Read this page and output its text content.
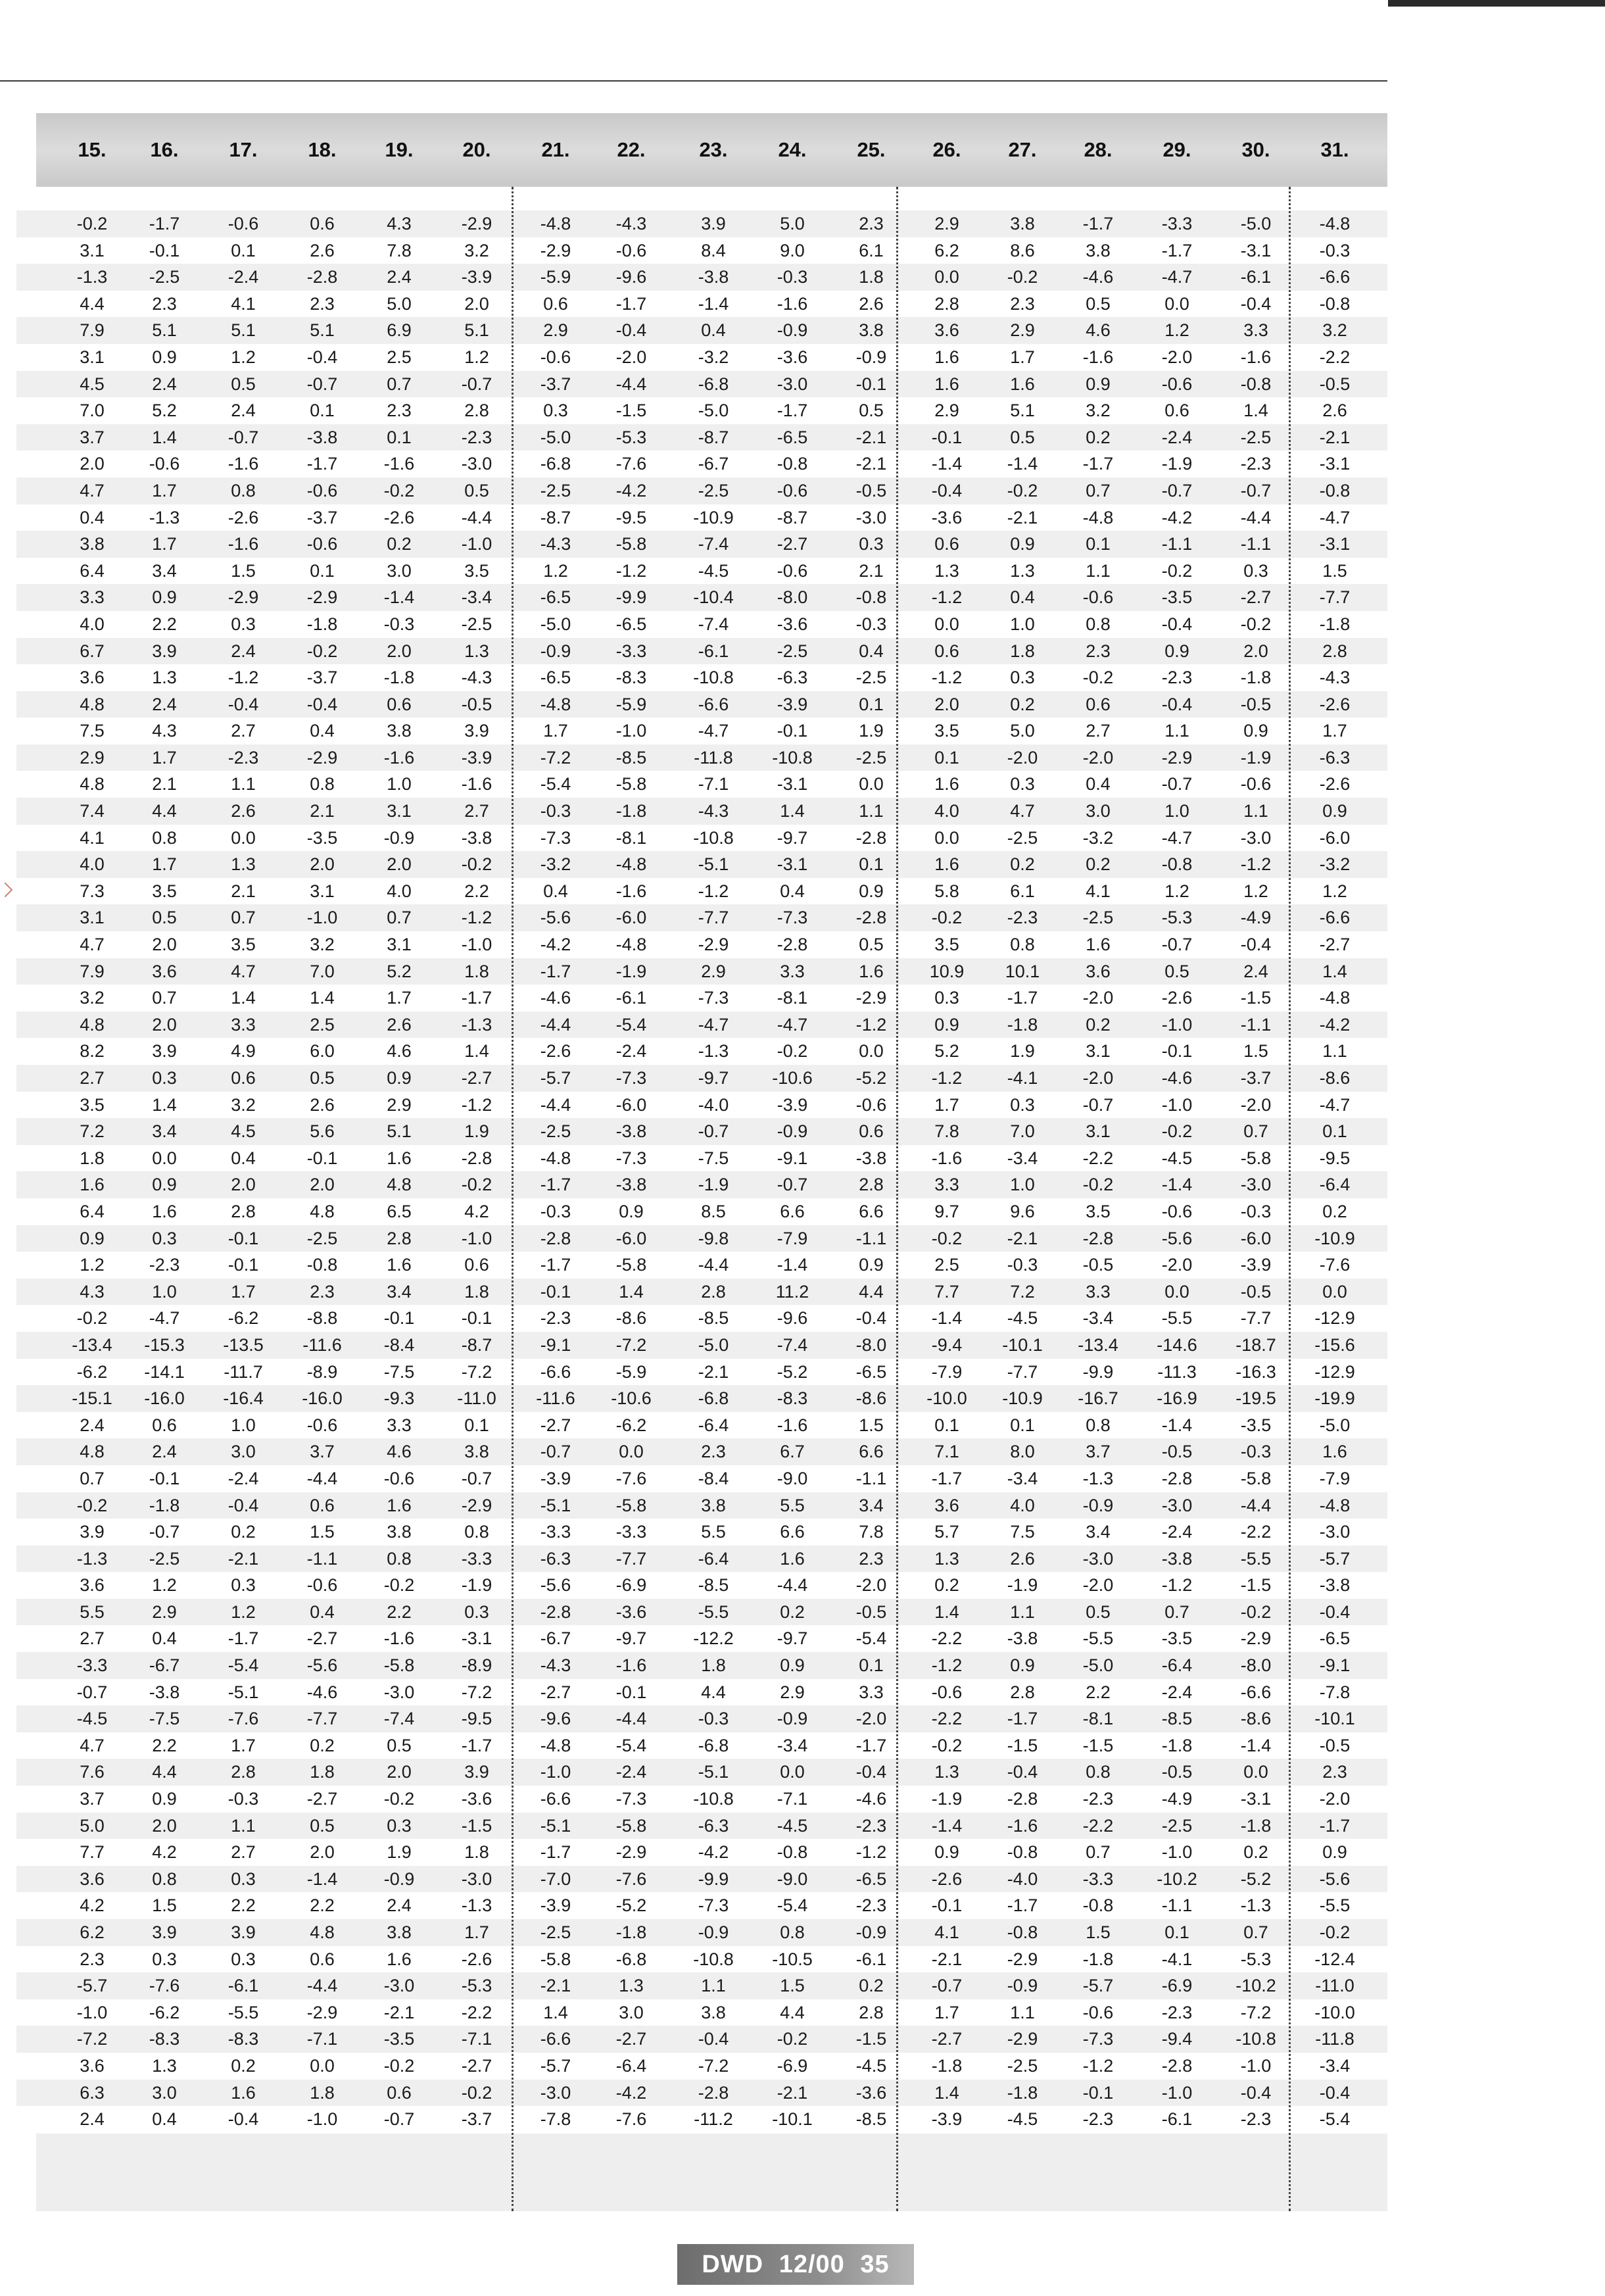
15.	16.	17.	18.	19.	20.	21.	22.	23.	24.	25.	26.	27.	28.	29.	30.	31.
-0.2	-1.7	-0.6	0.6	4.3	-2.9	-4.8	-4.3	3.9	5.0	2.3	2.9	3.8	-1.7	-3.3	-5.0	-4.8
3.1	-0.1	0.1	2.6	7.8	3.2	-2.9	-0.6	8.4	9.0	6.1	6.2	8.6	3.8	-1.7	-3.1	-0.3
-1.3	-2.5	-2.4	-2.8	2.4	-3.9	-5.9	-9.6	-3.8	-0.3	1.8	0.0	-0.2	-4.6	-4.7	-6.1	-6.6
4.4	2.3	4.1	2.3	5.0	2.0	0.6	-1.7	-1.4	-1.6	2.6	2.8	2.3	0.5	0.0	-0.4	-0.8
7.9	5.1	5.1	5.1	6.9	5.1	2.9	-0.4	0.4	-0.9	3.8	3.6	2.9	4.6	1.2	3.3	3.2
3.1	0.9	1.2	-0.4	2.5	1.2	-0.6	-2.0	-3.2	-3.6	-0.9	1.6	1.7	-1.6	-2.0	-1.6	-2.2
4.5	2.4	0.5	-0.7	0.7	-0.7	-3.7	-4.4	-6.8	-3.0	-0.1	1.6	1.6	0.9	-0.6	-0.8	-0.5
7.0	5.2	2.4	0.1	2.3	2.8	0.3	-1.5	-5.0	-1.7	0.5	2.9	5.1	3.2	0.6	1.4	2.6
3.7	1.4	-0.7	-3.8	0.1	-2.3	-5.0	-5.3	-8.7	-6.5	-2.1	-0.1	0.5	0.2	-2.4	-2.5	-2.1
2.0	-0.6	-1.6	-1.7	-1.6	-3.0	-6.8	-7.6	-6.7	-0.8	-2.1	-1.4	-1.4	-1.7	-1.9	-2.3	-3.1
4.7	1.7	0.8	-0.6	-0.2	0.5	-2.5	-4.2	-2.5	-0.6	-0.5	-0.4	-0.2	0.7	-0.7	-0.7	-0.8
0.4	-1.3	-2.6	-3.7	-2.6	-4.4	-8.7	-9.5	-10.9	-8.7	-3.0	-3.6	-2.1	-4.8	-4.2	-4.4	-4.7
3.8	1.7	-1.6	-0.6	0.2	-1.0	-4.3	-5.8	-7.4	-2.7	0.3	0.6	0.9	0.1	-1.1	-1.1	-3.1
6.4	3.4	1.5	0.1	3.0	3.5	1.2	-1.2	-4.5	-0.6	2.1	1.3	1.3	1.1	-0.2	0.3	1.5
3.3	0.9	-2.9	-2.9	-1.4	-3.4	-6.5	-9.9	-10.4	-8.0	-0.8	-1.2	0.4	-0.6	-3.5	-2.7	-7.7
4.0	2.2	0.3	-1.8	-0.3	-2.5	-5.0	-6.5	-7.4	-3.6	-0.3	0.0	1.0	0.8	-0.4	-0.2	-1.8
6.7	3.9	2.4	-0.2	2.0	1.3	-0.9	-3.3	-6.1	-2.5	0.4	0.6	1.8	2.3	0.9	2.0	2.8
3.6	1.3	-1.2	-3.7	-1.8	-4.3	-6.5	-8.3	-10.8	-6.3	-2.5	-1.2	0.3	-0.2	-2.3	-1.8	-4.3
4.8	2.4	-0.4	-0.4	0.6	-0.5	-4.8	-5.9	-6.6	-3.9	0.1	2.0	0.2	0.6	-0.4	-0.5	-2.6
7.5	4.3	2.7	0.4	3.8	3.9	1.7	-1.0	-4.7	-0.1	1.9	3.5	5.0	2.7	1.1	0.9	1.7
2.9	1.7	-2.3	-2.9	-1.6	-3.9	-7.2	-8.5	-11.8	-10.8	-2.5	0.1	-2.0	-2.0	-2.9	-1.9	-6.3
4.8	2.1	1.1	0.8	1.0	-1.6	-5.4	-5.8	-7.1	-3.1	0.0	1.6	0.3	0.4	-0.7	-0.6	-2.6
7.4	4.4	2.6	2.1	3.1	2.7	-0.3	-1.8	-4.3	1.4	1.1	4.0	4.7	3.0	1.0	1.1	0.9
4.1	0.8	0.0	-3.5	-0.9	-3.8	-7.3	-8.1	-10.8	-9.7	-2.8	0.0	-2.5	-3.2	-4.7	-3.0	-6.0
4.0	1.7	1.3	2.0	2.0	-0.2	-3.2	-4.8	-5.1	-3.1	0.1	1.6	0.2	0.2	-0.8	-1.2	-3.2
7.3	3.5	2.1	3.1	4.0	2.2	0.4	-1.6	-1.2	0.4	0.9	5.8	6.1	4.1	1.2	1.2	1.2
3.1	0.5	0.7	-1.0	0.7	-1.2	-5.6	-6.0	-7.7	-7.3	-2.8	-0.2	-2.3	-2.5	-5.3	-4.9	-6.6
4.7	2.0	3.5	3.2	3.1	-1.0	-4.2	-4.8	-2.9	-2.8	0.5	3.5	0.8	1.6	-0.7	-0.4	-2.7
7.9	3.6	4.7	7.0	5.2	1.8	-1.7	-1.9	2.9	3.3	1.6	10.9	10.1	3.6	0.5	2.4	1.4
3.2	0.7	1.4	1.4	1.7	-1.7	-4.6	-6.1	-7.3	-8.1	-2.9	0.3	-1.7	-2.0	-2.6	-1.5	-4.8
4.8	2.0	3.3	2.5	2.6	-1.3	-4.4	-5.4	-4.7	-4.7	-1.2	0.9	-1.8	0.2	-1.0	-1.1	-4.2
8.2	3.9	4.9	6.0	4.6	1.4	-2.6	-2.4	-1.3	-0.2	0.0	5.2	1.9	3.1	-0.1	1.5	1.1
2.7	0.3	0.6	0.5	0.9	-2.7	-5.7	-7.3	-9.7	-10.6	-5.2	-1.2	-4.1	-2.0	-4.6	-3.7	-8.6
3.5	1.4	3.2	2.6	2.9	-1.2	-4.4	-6.0	-4.0	-3.9	-0.6	1.7	0.3	-0.7	-1.0	-2.0	-4.7
7.2	3.4	4.5	5.6	5.1	1.9	-2.5	-3.8	-0.7	-0.9	0.6	7.8	7.0	3.1	-0.2	0.7	0.1
1.8	0.0	0.4	-0.1	1.6	-2.8	-4.8	-7.3	-7.5	-9.1	-3.8	-1.6	-3.4	-2.2	-4.5	-5.8	-9.5
1.6	0.9	2.0	2.0	4.8	-0.2	-1.7	-3.8	-1.9	-0.7	2.8	3.3	1.0	-0.2	-1.4	-3.0	-6.4
6.4	1.6	2.8	4.8	6.5	4.2	-0.3	0.9	8.5	6.6	6.6	9.7	9.6	3.5	-0.6	-0.3	0.2
0.9	0.3	-0.1	-2.5	2.8	-1.0	-2.8	-6.0	-9.8	-7.9	-1.1	-0.2	-2.1	-2.8	-5.6	-6.0	-10.9
1.2	-2.3	-0.1	-0.8	1.6	0.6	-1.7	-5.8	-4.4	-1.4	0.9	2.5	-0.3	-0.5	-2.0	-3.9	-7.6
4.3	1.0	1.7	2.3	3.4	1.8	-0.1	1.4	2.8	11.2	4.4	7.7	7.2	3.3	0.0	-0.5	0.0
-0.2	-4.7	-6.2	-8.8	-0.1	-0.1	-2.3	-8.6	-8.5	-9.6	-0.4	-1.4	-4.5	-3.4	-5.5	-7.7	-12.9
-13.4	-15.3	-13.5	-11.6	-8.4	-8.7	-9.1	-7.2	-5.0	-7.4	-8.0	-9.4	-10.1	-13.4	-14.6	-18.7	-15.6
-6.2	-14.1	-11.7	-8.9	-7.5	-7.2	-6.6	-5.9	-2.1	-5.2	-6.5	-7.9	-7.7	-9.9	-11.3	-16.3	-12.9
-15.1	-16.0	-16.4	-16.0	-9.3	-11.0	-11.6	-10.6	-6.8	-8.3	-8.6	-10.0	-10.9	-16.7	-16.9	-19.5	-19.9
2.4	0.6	1.0	-0.6	3.3	0.1	-2.7	-6.2	-6.4	-1.6	1.5	0.1	0.1	0.8	-1.4	-3.5	-5.0
4.8	2.4	3.0	3.7	4.6	3.8	-0.7	0.0	2.3	6.7	6.6	7.1	8.0	3.7	-0.5	-0.3	1.6
0.7	-0.1	-2.4	-4.4	-0.6	-0.7	-3.9	-7.6	-8.4	-9.0	-1.1	-1.7	-3.4	-1.3	-2.8	-5.8	-7.9
-0.2	-1.8	-0.4	0.6	1.6	-2.9	-5.1	-5.8	3.8	5.5	3.4	3.6	4.0	-0.9	-3.0	-4.4	-4.8
3.9	-0.7	0.2	1.5	3.8	0.8	-3.3	-3.3	5.5	6.6	7.8	5.7	7.5	3.4	-2.4	-2.2	-3.0
-1.3	-2.5	-2.1	-1.1	0.8	-3.3	-6.3	-7.7	-6.4	1.6	2.3	1.3	2.6	-3.0	-3.8	-5.5	-5.7
3.6	1.2	0.3	-0.6	-0.2	-1.9	-5.6	-6.9	-8.5	-4.4	-2.0	0.2	-1.9	-2.0	-1.2	-1.5	-3.8
5.5	2.9	1.2	0.4	2.2	0.3	-2.8	-3.6	-5.5	0.2	-0.5	1.4	1.1	0.5	0.7	-0.2	-0.4
2.7	0.4	-1.7	-2.7	-1.6	-3.1	-6.7	-9.7	-12.2	-9.7	-5.4	-2.2	-3.8	-5.5	-3.5	-2.9	-6.5
-3.3	-6.7	-5.4	-5.6	-5.8	-8.9	-4.3	-1.6	1.8	0.9	0.1	-1.2	0.9	-5.0	-6.4	-8.0	-9.1
-0.7	-3.8	-5.1	-4.6	-3.0	-7.2	-2.7	-0.1	4.4	2.9	3.3	-0.6	2.8	2.2	-2.4	-6.6	-7.8
-4.5	-7.5	-7.6	-7.7	-7.4	-9.5	-9.6	-4.4	-0.3	-0.9	-2.0	-2.2	-1.7	-8.1	-8.5	-8.6	-10.1
4.7	2.2	1.7	0.2	0.5	-1.7	-4.8	-5.4	-6.8	-3.4	-1.7	-0.2	-1.5	-1.5	-1.8	-1.4	-0.5
7.6	4.4	2.8	1.8	2.0	3.9	-1.0	-2.4	-5.1	0.0	-0.4	1.3	-0.4	0.8	-0.5	0.0	2.3
3.7	0.9	-0.3	-2.7	-0.2	-3.6	-6.6	-7.3	-10.8	-7.1	-4.6	-1.9	-2.8	-2.3	-4.9	-3.1	-2.0
5.0	2.0	1.1	0.5	0.3	-1.5	-5.1	-5.8	-6.3	-4.5	-2.3	-1.4	-1.6	-2.2	-2.5	-1.8	-1.7
7.7	4.2	2.7	2.0	1.9	1.8	-1.7	-2.9	-4.2	-0.8	-1.2	0.9	-0.8	0.7	-1.0	0.2	0.9
3.6	0.8	0.3	-1.4	-0.9	-3.0	-7.0	-7.6	-9.9	-9.0	-6.5	-2.6	-4.0	-3.3	-10.2	-5.2	-5.6
4.2	1.5	2.2	2.2	2.4	-1.3	-3.9	-5.2	-7.3	-5.4	-2.3	-0.1	-1.7	-0.8	-1.1	-1.3	-5.5
6.2	3.9	3.9	4.8	3.8	1.7	-2.5	-1.8	-0.9	0.8	-0.9	4.1	-0.8	1.5	0.1	0.7	-0.2
2.3	0.3	0.3	0.6	1.6	-2.6	-5.8	-6.8	-10.8	-10.5	-6.1	-2.1	-2.9	-1.8	-4.1	-5.3	-12.4
-5.7	-7.6	-6.1	-4.4	-3.0	-5.3	-2.1	1.3	1.1	1.5	0.2	-0.7	-0.9	-5.7	-6.9	-10.2	-11.0
-1.0	-6.2	-5.5	-2.9	-2.1	-2.2	1.4	3.0	3.8	4.4	2.8	1.7	1.1	-0.6	-2.3	-7.2	-10.0
-7.2	-8.3	-8.3	-7.1	-3.5	-7.1	-6.6	-2.7	-0.4	-0.2	-1.5	-2.7	-2.9	-7.3	-9.4	-10.8	-11.8
3.6	1.3	0.2	0.0	-0.2	-2.7	-5.7	-6.4	-7.2	-6.9	-4.5	-1.8	-2.5	-1.2	-2.8	-1.0	-3.4
6.3	3.0	1.6	1.8	0.6	-0.2	-3.0	-4.2	-2.8	-2.1	-3.6	1.4	-1.8	-0.1	-1.0	-0.4	-0.4
2.4	0.4	-0.4	-1.0	-0.7	-3.7	-7.8	-7.6	-11.2	-10.1	-8.5	-3.9	-4.5	-2.3	-6.1	-2.3	-5.4
DWD 12/00 35
